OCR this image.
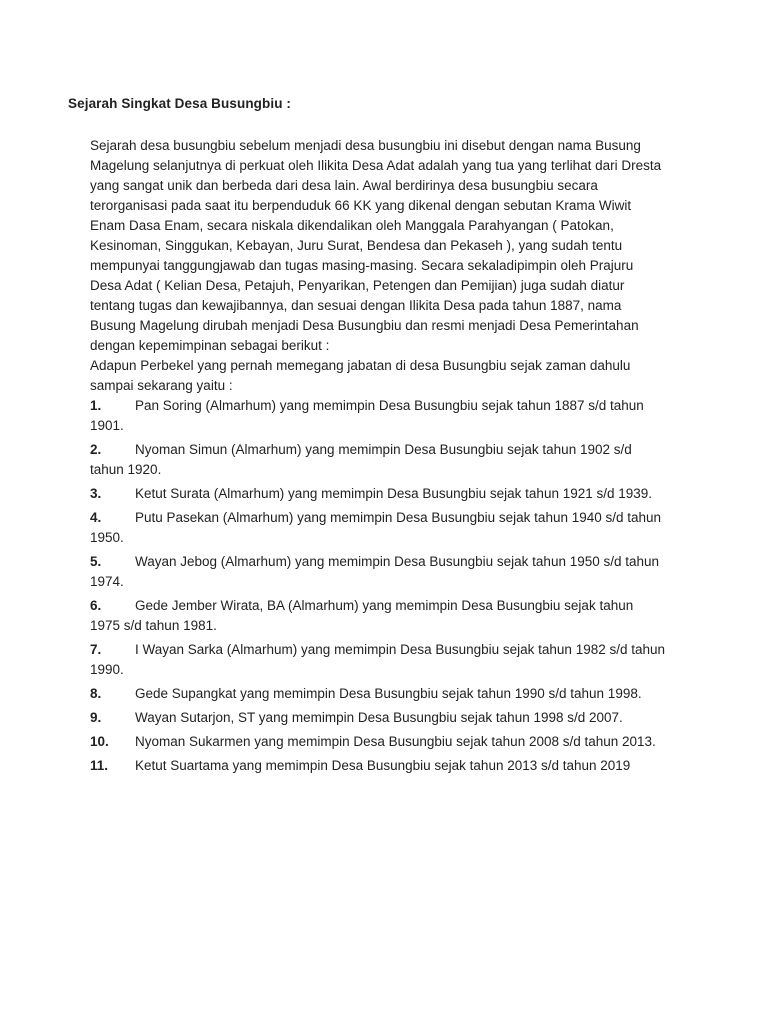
Sejarah Singkat Desa Busungbiu :
Sejarah desa busungbiu sebelum menjadi desa busungbiu ini disebut dengan nama Busung
Magelung selanjutnya di perkuat oleh Ilikita Desa Adat adalah yang tua yang terlihat dari Dresta
yang sangat unik dan berbeda dari desa lain. Awal berdirinya desa busungbiu secara
terorganisasi pada saat itu berpenduduk 66 KK yang dikenal dengan sebutan Krama Wiwit
Enam Dasa Enam, secara niskala dikendalikan oleh Manggala Parahyangan ( Patokan,
Kesinoman, Singgukan, Kebayan, Juru Surat, Bendesa dan Pekaseh ), yang sudah tentu
mempunyai tanggungjawab dan tugas masing-masing. Secara sekaladipimpin oleh Prajuru
Desa Adat ( Kelian Desa, Petajuh, Penyarikan, Petengen dan Pemijian) juga sudah diatur
tentang tugas dan kewajibannya, dan sesuai dengan Ilikita Desa pada tahun 1887, nama
Busung Magelung dirubah menjadi Desa Busungbiu dan resmi menjadi Desa Pemerintahan
dengan kepemimpinan sebagai berikut :
Adapun Perbekel yang pernah memegang jabatan di desa Busungbiu sejak zaman dahulu
sampai sekarang yaitu :
1. Pan Soring (Almarhum) yang memimpin Desa Busungbiu sejak tahun 1887 s/d tahun
1901.
2. Nyoman Simun (Almarhum) yang memimpin Desa Busungbiu sejak tahun 1902 s/d
tahun 1920.
3. Ketut Surata (Almarhum) yang memimpin Desa Busungbiu sejak tahun 1921 s/d 1939.
4. Putu Pasekan (Almarhum) yang memimpin Desa Busungbiu sejak tahun 1940 s/d tahun
1950.
5. Wayan Jebog (Almarhum) yang memimpin Desa Busungbiu sejak tahun 1950 s/d tahun
1974.
6. Gede Jember Wirata, BA (Almarhum) yang memimpin Desa Busungbiu sejak tahun
1975 s/d tahun 1981.
7. I Wayan Sarka (Almarhum) yang memimpin Desa Busungbiu sejak tahun 1982 s/d tahun
1990.
8. Gede Supangkat yang memimpin Desa Busungbiu sejak tahun 1990 s/d tahun 1998.
9. Wayan Sutarjon, ST yang memimpin Desa Busungbiu sejak tahun 1998 s/d 2007.
10. Nyoman Sukarmen yang memimpin Desa Busungbiu sejak tahun 2008 s/d tahun 2013.
11. Ketut Suartama yang memimpin Desa Busungbiu sejak tahun 2013 s/d tahun 2019
